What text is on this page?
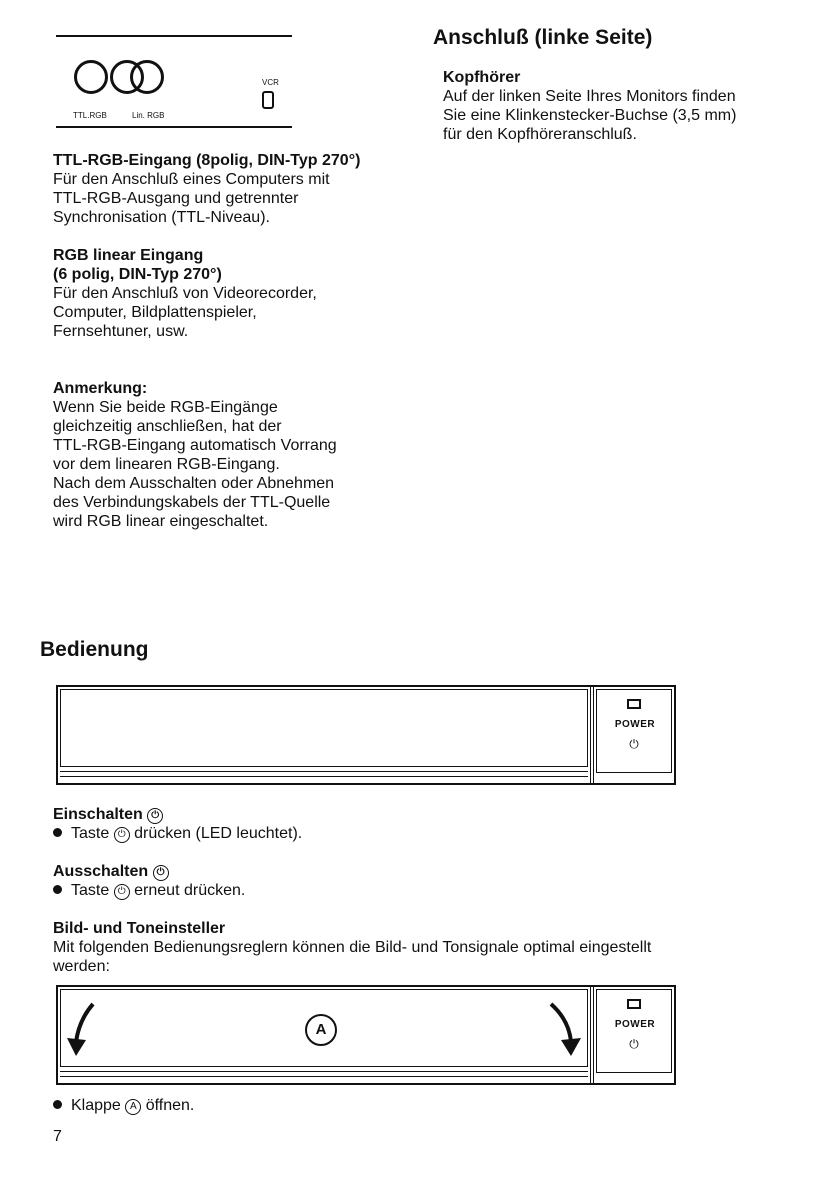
TTL.RGB	Lin. RGB
VCR

TTL-RGB-Eingang (8polig, DIN-Typ 270°)

Für den Anschluß eines Computers mit

TTL-RGB-Ausgang und getrennter

Synchronisation (TTL-Niveau).

RGB linear Eingang

(6 polig, DIN-Typ 270°)

Für den Anschluß von Videorecorder,

Computer, Bildplattenspieler,

Fernsehtuner, usw.

Anmerkung:

Wenn Sie beide RGB-Eingänge

gleichzeitig anschließen, hat der

TTL-RGB-Eingang automatisch Vorrang

vor dem linearen RGB-Eingang.

Nach dem Ausschalten oder Abnehmen

des Verbindungskabels der TTL-Quelle

wird RGB linear eingeschaltet.

Anschluß (linke Seite)

Kopfhörer

Auf der linken Seite Ihres Monitors finden

Sie eine Klinkenstecker-Buchse (3,5 mm)

für den Kopfhöreranschluß.

Bedienung
POWER
⏻

Einschalten ⏻

Taste ⏻ drücken (LED leuchtet).

Ausschalten ⏻

Taste ⏻ erneut drücken.

Bild- und Toneinsteller

Mit folgenden Bedienungsreglern können die Bild- und Tonsignale optimal eingestellt

werden:

A	POWER
⏻

Klappe A öffnen.

7
